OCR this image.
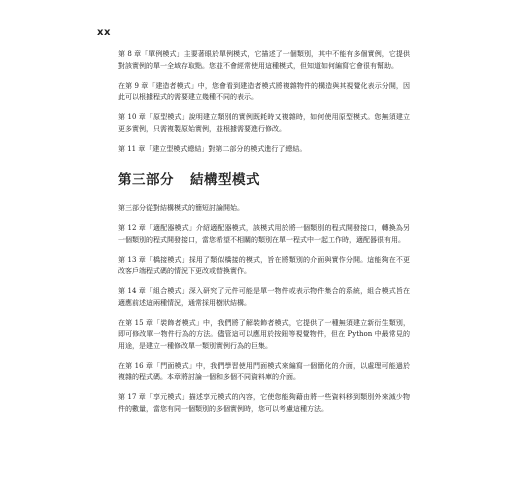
xx

第 8 章「單例模式」主要著眼於單例模式，它描述了一個類別，其中不能有多個實例，它提供對該實例的單一全域存取點。您並不會經常使用這種模式，但知道如何編寫它會很有幫助。

在第 9 章「建造者模式」中，您會看到建造者模式將複雜物件的構造與其視覺化表示分開，因此可以根據程式的需要建立幾種不同的表示。

第 10 章「原型模式」說明建立類別的實例既耗時又複雜時，如何使用原型模式。您無須建立更多實例，只需複製原始實例，並根據需要進行修改。

第 11 章「建立型模式總結」對第二部分的模式進行了總結。

第三部分 結構型模式

第三部分從對結構模式的簡短討論開始。

第 12 章「適配器模式」介紹適配器模式，該模式用於將一個類別的程式開發接口，轉換為另一個類別的程式開發接口，當您希望不相關的類別在單一程式中一起工作時，適配器很有用。

第 13 章「橋接模式」採用了類似橋接的模式，旨在將類別的介面與實作分開。這能夠在不更改客戶端程式碼的情況下更改或替換實作。

第 14 章「組合模式」深入研究了元件可能是單一物件或表示物件集合的系統，組合模式旨在適應前述這兩種情況，通常採用樹狀結構。

在第 15 章「裝飾者模式」中，我們將了解裝飾者模式，它提供了一種無須建立新衍生類別，即可修改單一物件行為的方法。儘管這可以應用於按鈕等視覺物件，但在 Python 中最常見的用途，是建立一種修改單一類別實例行為的巨集。

在第 16 章「門面模式」中，我們學習使用門面模式來編寫一個簡化的介面，以處理可能過於複雜的程式碼。本章將討論一個和多個不同資料庫的介面。

第 17 章「享元模式」描述享元模式的內容，它使您能夠藉由將一些資料移到類別外來減少物件的數量，當您有同一個類別的多個實例時，您可以考慮這種方法。
